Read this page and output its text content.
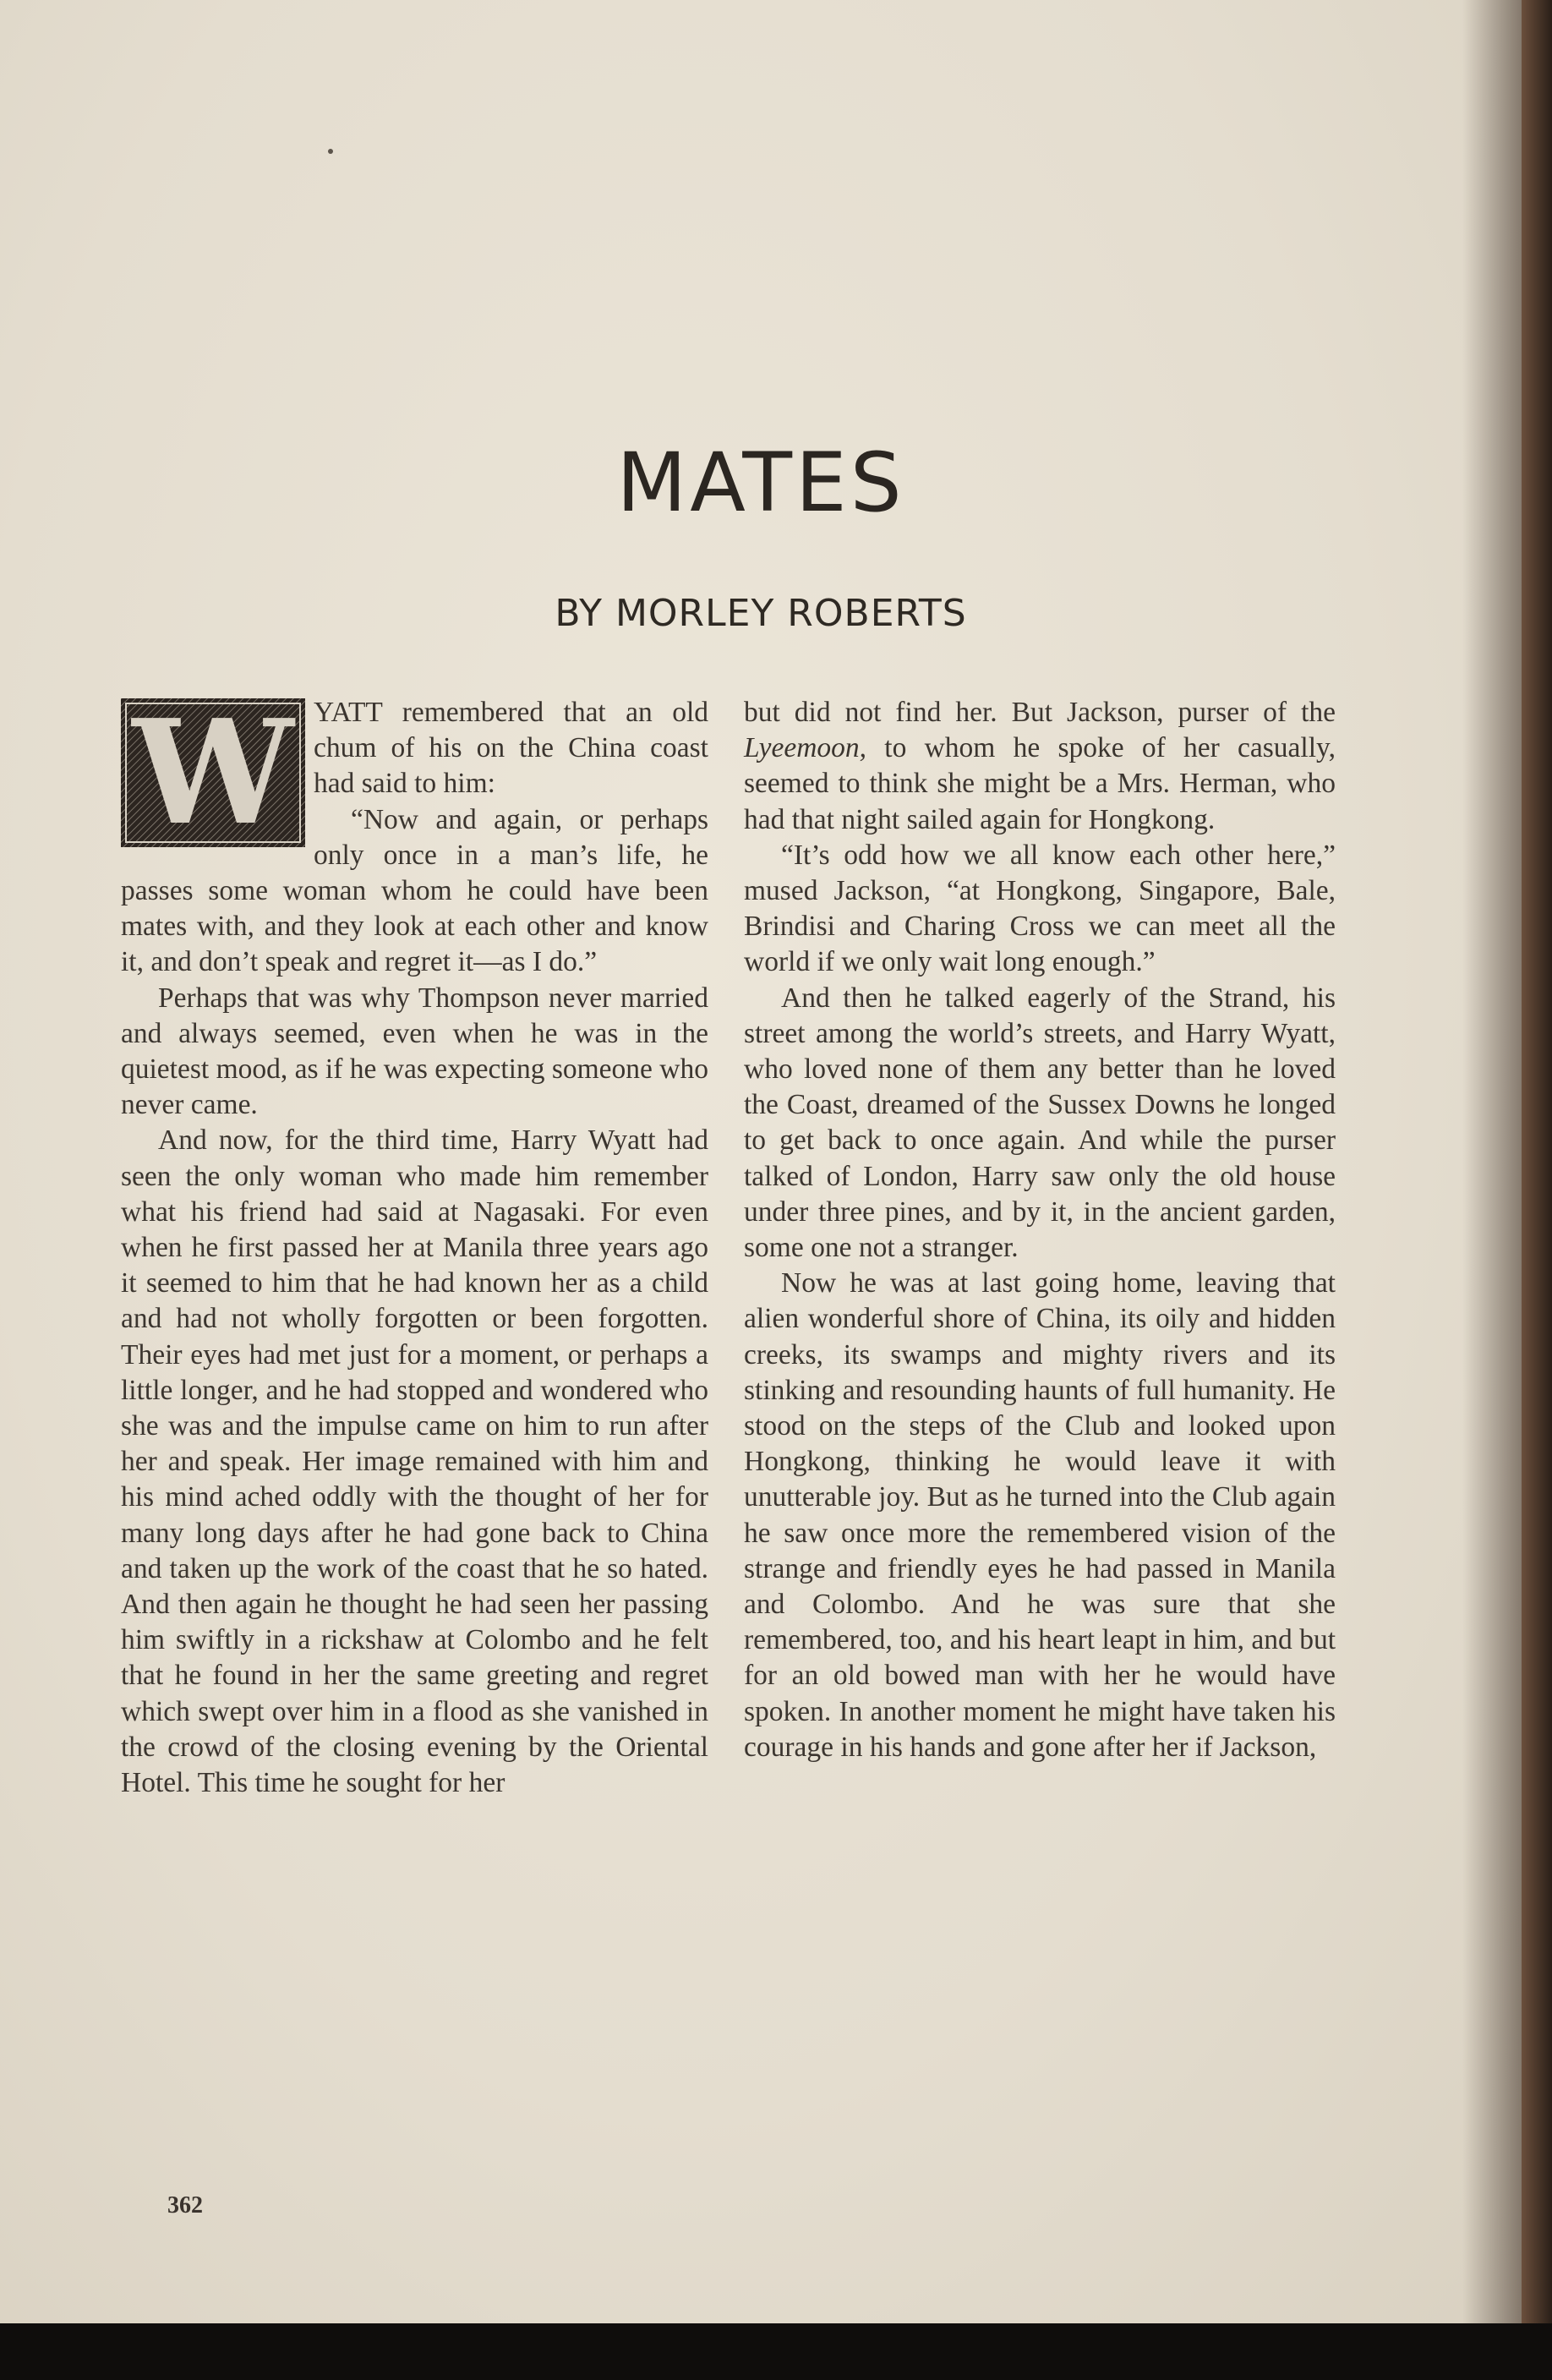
MATES
BY MORLEY ROBERTS
W YATT remembered that an old chum of his on the China coast had said to him:

“Now and again, or perhaps only once in a man’s life, he passes some woman whom he could have been mates with, and they look at each other and know it, and don’t speak and regret it—as I do.”

Perhaps that was why Thompson never married and always seemed, even when he was in the quietest mood, as if he was expecting someone who never came.

And now, for the third time, Harry Wyatt had seen the only woman who made him remember what his friend had said at Nagasaki. For even when he first passed her at Manila three years ago it seemed to him that he had known her as a child and had not wholly forgotten or been forgotten. Their eyes had met just for a moment, or perhaps a little longer, and he had stopped and wondered who she was and the impulse came on him to run after her and speak. Her image remained with him and his mind ached oddly with the thought of her for many long days after he had gone back to China and taken up the work of the coast that he so hated. And then again he thought he had seen her passing him swiftly in a rickshaw at Colombo and he felt that he found in her the same greeting and regret which swept over him in a flood as she vanished in the crowd of the closing evening by the Oriental Hotel. This time he sought for her

but did not find her. But Jackson, purser of the Lyeemoon, to whom he spoke of her casually, seemed to think she might be a Mrs. Herman, who had that night sailed again for Hongkong.

“It’s odd how we all know each other here,” mused Jackson, “at Hongkong, Singapore, Bale, Brindisi and Charing Cross we can meet all the world if we only wait long enough.”

And then he talked eagerly of the Strand, his street among the world’s streets, and Harry Wyatt, who loved none of them any better than he loved the Coast, dreamed of the Sussex Downs he longed to get back to once again. And while the purser talked of London, Harry saw only the old house under three pines, and by it, in the ancient garden, some one not a stranger.

Now he was at last going home, leaving that alien wonderful shore of China, its oily and hidden creeks, its swamps and mighty rivers and its stinking and resounding haunts of full humanity. He stood on the steps of the Club and looked upon Hongkong, thinking he would leave it with unutterable joy. But as he turned into the Club again he saw once more the remembered vision of the strange and friendly eyes he had passed in Manila and Colombo. And he was sure that she remembered, too, and his heart leapt in him, and but for an old bowed man with her he would have spoken. In another moment he might have taken his courage in his hands and gone after her if Jackson,

362
